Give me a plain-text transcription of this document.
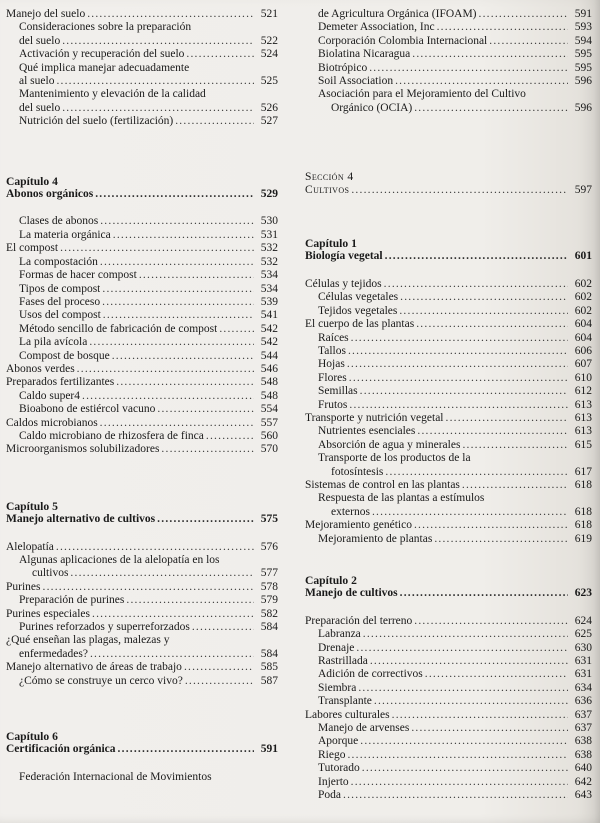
Manejo del suelo .....	521
Consideraciones sobre la preparación
del suelo .....	522
Activación y recuperación del suelo .....	524
Qué implica manejar adecuadamente
al suelo .....	525
Mantenimiento y elevación de la calidad
del suelo .....	526
Nutrición del suelo (fertilización) .....	527
Capítulo 4
Abonos orgánicos .....	529
Clases de abonos .....	530
La materia orgánica .....	531
El compost .....	532
La compostación .....	532
Formas de hacer compost .....	534
Tipos de compost .....	534
Fases del proceso .....	539
Usos del compost .....	541
Método sencillo de fabricación de compost .....	542
La pila avícola .....	542
Compost de bosque .....	544
Abonos verdes .....	546
Preparados fertilizantes .....	548
Caldo super4 .....	548
Bioabono de estiércol vacuno .....	554
Caldos microbianos .....	557
Caldo microbiano de rhizosfera de finca .....	560
Microorganismos solubilizadores .....	570
Capítulo 5
Manejo alternativo de cultivos .....	575
Alelopatía .....	576
Algunas aplicaciones de la alelopatía en los
cultivos .....	577
Purines .....	578
Preparación de purines .....	579
Purines especiales .....	582
Purines reforzados y superreforzados .....	584
¿Qué enseñan las plagas, malezas y
enfermedades? .....	584
Manejo alternativo de áreas de trabajo .....	585
¿Cómo se construye un cerco vivo? .....	587
Capítulo 6
Certificación orgánica .....	591
Federación Internacional de Movimientos
de Agricultura Orgánica (IFOAM) .....	591
Demeter Association, Inc .....	593
Corporación Colombia Internacional .....	594
Biolatina Nicaragua .....	595
Biotrópico .....	595
Soil Association .....	596
Asociación para el Mejoramiento del Cultivo
Orgánico (OCIA) .....	596
Sección 4
Cultivos .....	597
Capítulo 1
Biología vegetal .....	601
Células y tejidos .....	602
Células vegetales .....	602
Tejidos vegetales .....	602
El cuerpo de las plantas .....	604
Raíces .....	604
Tallos .....	606
Hojas .....	607
Flores .....	610
Semillas .....	612
Frutos .....	613
Transporte y nutrición vegetal .....	613
Nutrientes esenciales .....	613
Absorción de agua y minerales .....	615
Transporte de los productos de la
fotosíntesis .....	617
Sistemas de control en las plantas .....	618
Respuesta de las plantas a estímulos
externos .....	618
Mejoramiento genético .....	618
Mejoramiento de plantas .....	619
Capítulo 2
Manejo de cultivos .....	623
Preparación del terreno .....	624
Labranza .....	625
Drenaje .....	630
Rastrillada .....	631
Adición de correctivos .....	631
Siembra .....	634
Transplante .....	636
Labores culturales .....	637
Manejo de arvenses .....	637
Aporque .....	638
Riego .....	638
Tutorado .....	640
Injerto .....	642
Poda .....	643
